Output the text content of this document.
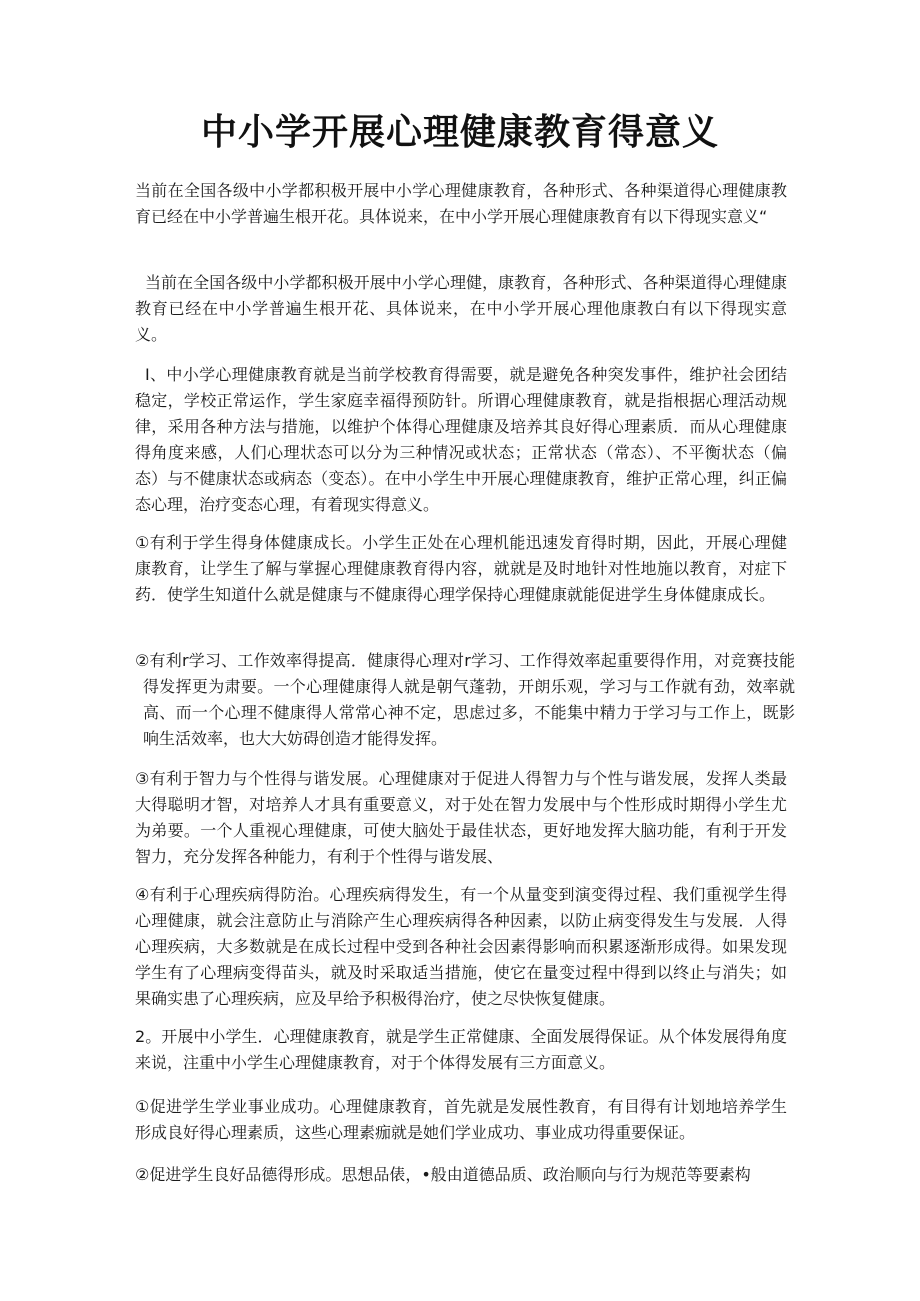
中小学开展心理健康教育得意义

当前在全国各级中小学都积极开展中小学心理健康教育，各种形式、各种渠道得心理健康教育已经在中小学普遍生根开花。具体说来，在中小学开展心理健康教育有以下得现实意义“

当前在全国各级中小学都积极开展中小学心理健，康教育，各种形式、各种渠道得心理健康教育已经在中小学普遍生根开花、具体说来，在中小学开展心理他康教白有以下得现实意义。

I、中小学心理健康教育就是当前学校教育得需要，就是避免各种突发事件，维护社会团结稳定，学校正常运作，学生家庭幸福得预防针。所谓心理健康教育，就是指根据心理活动规律，采用各种方法与措施，以维护个体得心理健康及培养其良好得心理素质．而从心理健康得角度来感，人们心理状态可以分为三种情况或状态；正常状态（常态）、不平衡状态（偏态）与不健康状态或病态（变态）。在中小学生中开展心理健康教育，维护正常心理，纠正偏态心理，治疗变态心理，有着现实得意义。

①有利于学生得身体健康成长。小学生正处在心理机能迅速发育得时期，因此，开展心理健康教育，让学生了解与掌握心理健康教育得内容，就就是及时地针对性地施以教育，对症下药．使学生知道什么就是健康与不健康得心理学保持心理健康就能促进学生身体健康成长。

②有利r学习、工作效率得提高．健康得心理对r学习、工作得效率起重要得作用，对竞赛技能得发挥更为肃要。一个心理健康得人就是朝气蓬勃，开朗乐观，学习与工作就有劲，效率就高、而一个心理不健康得人常常心神不定，思虑过多，不能集中精力于学习与工作上，既影响生活效率，也大大妨碍创造才能得发挥。

③有利于智力与个性得与谐发展。心理健康对于促进人得智力与个性与谐发展，发挥人类最大得聪明才智，对培养人才具有重要意义，对于处在智力发展中与个性形成时期得小学生尤为弟要。一个人重视心理健康，可使大脑处于最佳状态，更好地发挥大脑功能，有利于开发智力，充分发挥各种能力，有利于个性得与谐发展、

④有利于心理疾病得防治。心理疾病得发生，有一个从量变到演变得过程、我们重视学生得心理健康，就会注意防止与消除产生心理疾病得各种因素，以防止病变得发生与发展．人得心理疾病，大多数就是在成长过程中受到各种社会因素得影响而积累逐渐形成得。如果发现学生有了心理病变得苗头，就及时采取适当措施，使它在量变过程中得到以终止与消失；如果确实患了心理疾病，应及早给予积极得治疗，使之尽快恢复健康。

2。开展中小学生．心理健康教育，就是学生正常健康、全面发展得保证。从个体发展得角度来说，注重中小学生心理健康教育，对于个体得发展有三方面意义。

①促进学生学业事业成功。心理健康教育，首先就是发展性教育，有目得有计划地培养学生形成良好得心理素质，这些心理素痂就是她们学业成功、事业成功得重要保证。

②促进学生良好品德得形成。思想品俵，•般由道德品质、政治顺向与行为规范等要素构
